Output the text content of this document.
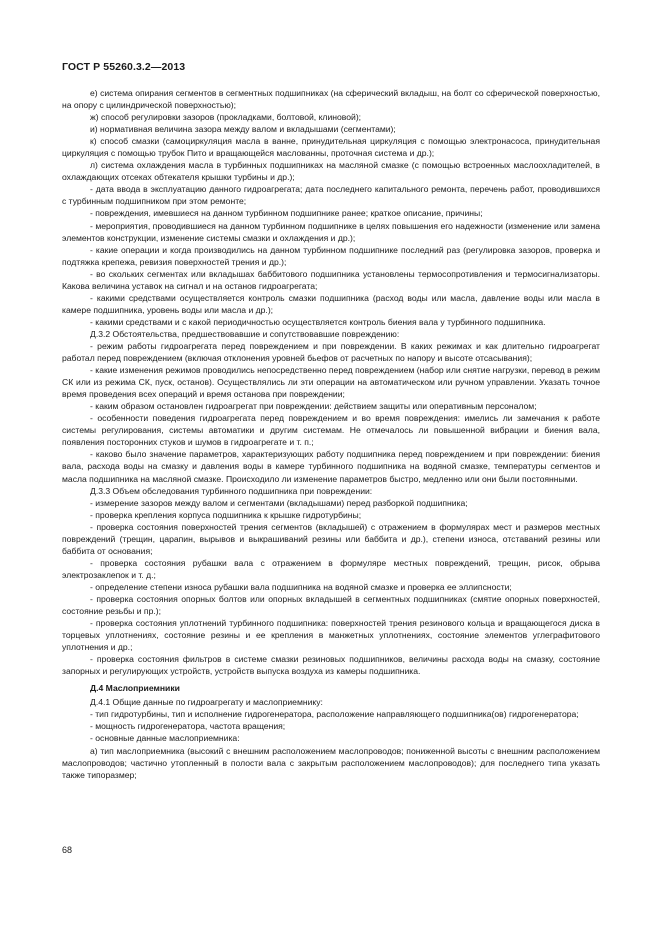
ГОСТ Р 55260.3.2—2013

е) система опирания сегментов в сегментных подшипниках (на сферический вкладыш, на болт со сферической поверхностью, на опору с цилиндрической поверхностью);

ж) способ регулировки зазоров (прокладками, болтовой, клиновой);

и) нормативная величина зазора между валом и вкладышами (сегментами);

к) способ смазки (самоциркуляция масла в ванне, принудительная циркуляция с помощью электронасоса, принудительная циркуляция с помощью трубок Пито и вращающейся маслованны, проточная система и др.);

л) система охлаждения масла в турбинных подшипниках на масляной смазке (с помощью встроенных маслоохладителей, в охлаждающих отсеках обтекателя крышки турбины и др.);

- дата ввода в эксплуатацию данного гидроагрегата; дата последнего капитального ремонта, перечень работ, проводившихся с турбинным подшипником при этом ремонте;

- повреждения, имевшиеся на данном турбинном подшипнике ранее; краткое описание, причины;

- мероприятия, проводившиеся на данном турбинном подшипнике в целях повышения его надежности (изменение или замена элементов конструкции, изменение системы смазки и охлаждения и др.);

- какие операции и когда производились на данном турбинном подшипнике последний раз (регулировка зазоров, проверка и подтяжка крепежа, ревизия поверхностей трения и др.);

- во скольких сегментах или вкладышах баббитового подшипника установлены термосопротивления и термосигнализаторы. Какова величина уставок на сигнал и на останов гидроагрегата;

- какими средствами осуществляется контроль смазки подшипника (расход воды или масла, давление воды или масла в камере подшипника, уровень воды или масла и др.);

- какими средствами и с какой периодичностью осуществляется контроль биения вала у турбинного подшипника.

Д.3.2 Обстоятельства, предшествовавшие и сопутствовавшие повреждению:

- режим работы гидроагрегата перед повреждением и при повреждении. В каких режимах и как длительно гидроагрегат работал перед повреждением (включая отклонения уровней бьефов от расчетных по напору и высоте отсасывания);

- какие изменения режимов проводились непосредственно перед повреждением (набор или снятие нагрузки, перевод в режим СК или из режима СК, пуск, останов). Осуществлялись ли эти операции на автоматическом или ручном управлении. Указать точное время проведения всех операций и время останова при повреждении;

- каким образом остановлен гидроагрегат при повреждении: действием защиты или оперативным персоналом;

- особенности поведения гидроагрегата перед повреждением и во время повреждения: имелись ли замечания к работе системы регулирования, системы автоматики и другим системам. Не отмечалось ли повышенной вибрации и биения вала, появления посторонних стуков и шумов в гидроагрегате и т. п.;

- каково было значение параметров, характеризующих работу подшипника перед повреждением и при повреждении: биения вала, расхода воды на смазку и давления воды в камере турбинного подшипника на водяной смазке, температуры сегментов и масла подшипника на масляной смазке. Происходило ли изменение параметров быстро, медленно или они были постоянными.

Д.3.3 Объем обследования турбинного подшипника при повреждении:

- измерение зазоров между валом и сегментами (вкладышами) перед разборкой подшипника;

- проверка крепления корпуса подшипника к крышке гидротурбины;

- проверка состояния поверхностей трения сегментов (вкладышей) с отражением в формулярах мест и размеров местных повреждений (трещин, царапин, вырывов и выкрашиваний резины или баббита и др.), степени износа, отставаний резины или баббита от основания;

- проверка состояния рубашки вала с отражением в формуляре местных повреждений, трещин, рисок, обрыва электрозаклепок и т. д.;

- определение степени износа рубашки вала подшипника на водяной смазке и проверка ее эллипсности;

- проверка состояния опорных болтов или опорных вкладышей в сегментных подшипниках (смятие опорных поверхностей, состояние резьбы и пр.);

- проверка состояния уплотнений турбинного подшипника: поверхностей трения резинового кольца и вращающегося диска в торцевых уплотнениях, состояние резины и ее крепления в манжетных уплотнениях, состояние элементов углеграфитового уплотнения и др.;

- проверка состояния фильтров в системе смазки резиновых подшипников, величины расхода воды на смазку, состояние запорных и регулирующих устройств, устройств выпуска воздуха из камеры подшипника.

Д.4 Маслоприемники

Д.4.1 Общие данные по гидроагрегату и маслоприемнику:

- тип гидротурбины, тип и исполнение гидрогенератора, расположение направляющего подшипника(ов) гидрогенератора;

- мощность гидрогенератора, частота вращения;

- основные данные маслоприемника:

а) тип маслоприемника (высокий с внешним расположением маслопроводов; пониженной высоты с внешним расположением маслопроводов; частично утопленный в полости вала с закрытым расположением маслопроводов); для последнего типа указать также типоразмер;

68
